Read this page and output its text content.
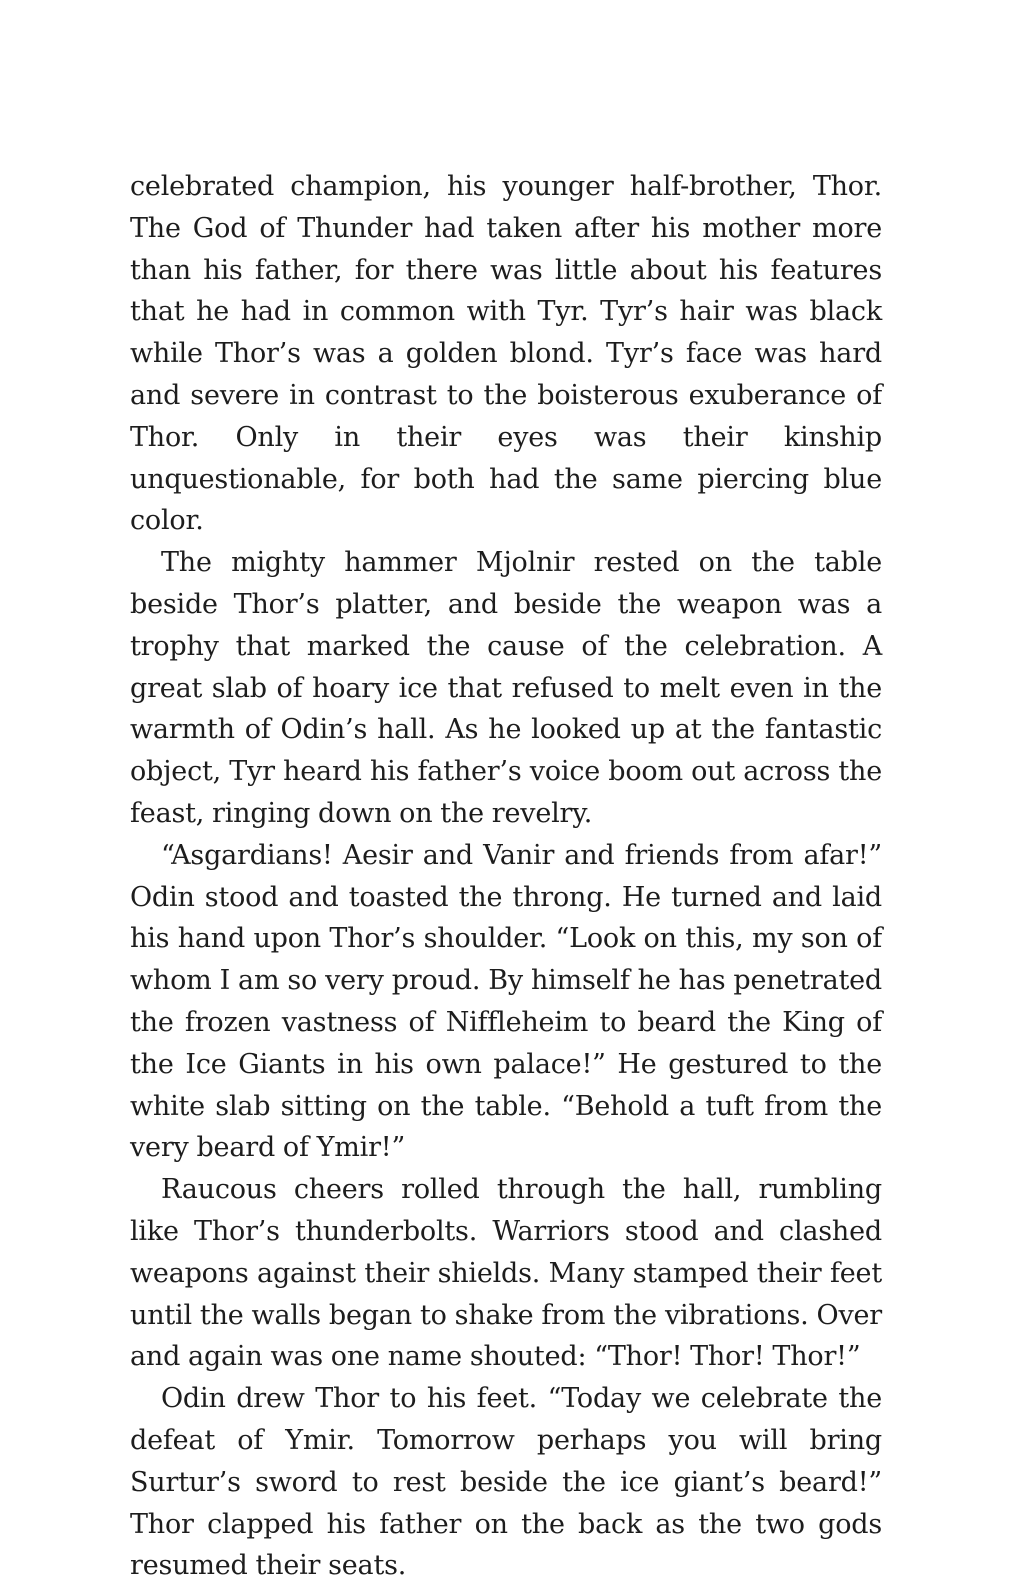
celebrated champion, his younger half-brother, Thor. The God of Thunder had taken after his mother more than his father, for there was little about his features that he had in common with Tyr. Tyr’s hair was black while Thor’s was a golden blond. Tyr’s face was hard and severe in contrast to the boisterous exuberance of Thor. Only in their eyes was their kinship unquestionable, for both had the same piercing blue color.

The mighty hammer Mjolnir rested on the table beside Thor’s platter, and beside the weapon was a trophy that marked the cause of the celebration. A great slab of hoary ice that refused to melt even in the warmth of Odin’s hall. As he looked up at the fantastic object, Tyr heard his father’s voice boom out across the feast, ringing down on the revelry.

“Asgardians! Aesir and Vanir and friends from afar!” Odin stood and toasted the throng. He turned and laid his hand upon Thor’s shoulder. “Look on this, my son of whom I am so very proud. By himself he has penetrated the frozen vastness of Niffleheim to beard the King of the Ice Giants in his own palace!” He gestured to the white slab sitting on the table. “Behold a tuft from the very beard of Ymir!”

Raucous cheers rolled through the hall, rumbling like Thor’s thunderbolts. Warriors stood and clashed weapons against their shields. Many stamped their feet until the walls began to shake from the vibrations. Over and again was one name shouted: “Thor! Thor! Thor!”

Odin drew Thor to his feet. “Today we celebrate the defeat of Ymir. Tomorrow perhaps you will bring Surtur’s sword to rest beside the ice giant’s beard!” Thor clapped his father on the back as the two gods resumed their seats.
